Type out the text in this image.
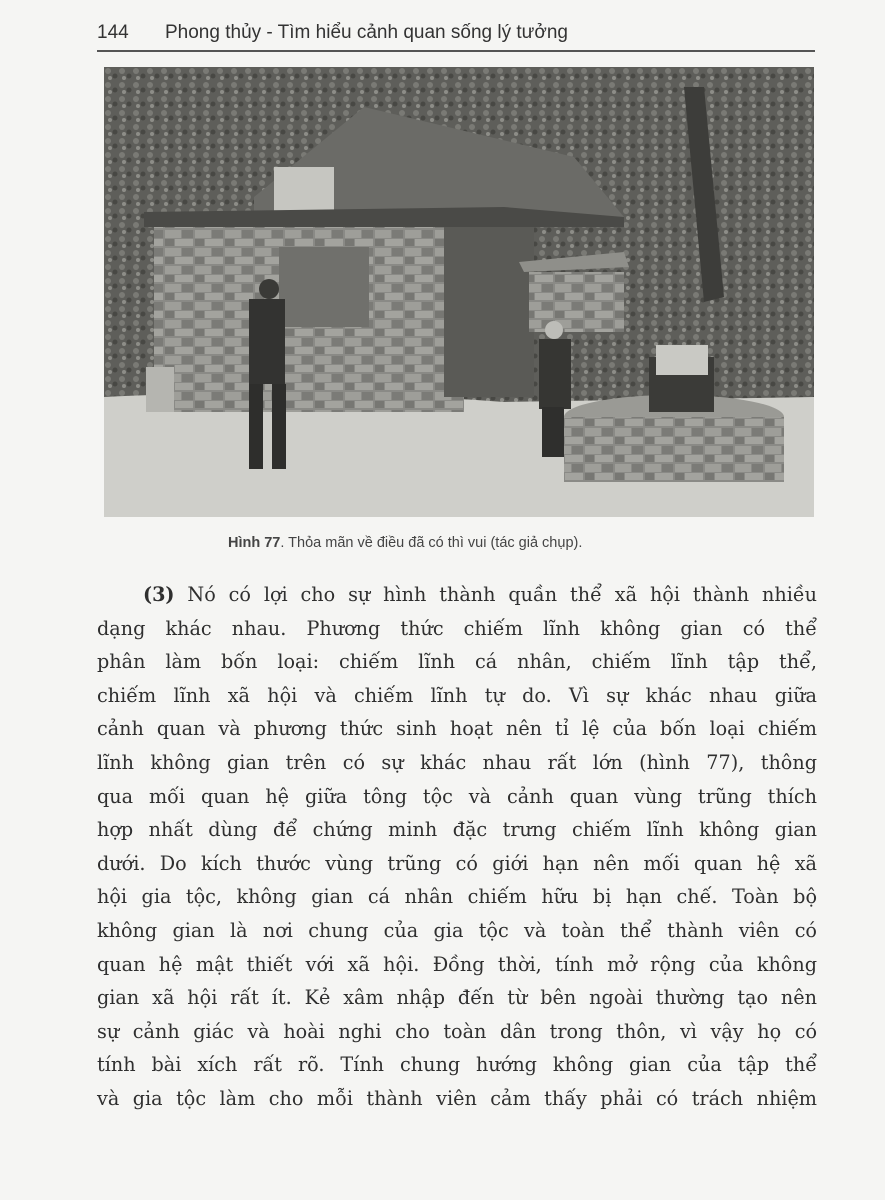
144 Phong thủy - Tìm hiểu cảnh quan sống lý tưởng
Hình 77. Thỏa mãn về điều đã có thì vui (tác giả chụp).
(3) Nó có lợi cho sự hình thành quần thể xã hội thành nhiều
dạng khác nhau. Phương thức chiếm lĩnh không gian có thể
phân làm bốn loại: chiếm lĩnh cá nhân, chiếm lĩnh tập thể,
chiếm lĩnh xã hội và chiếm lĩnh tự do. Vì sự khác nhau giữa
cảnh quan và phương thức sinh hoạt nên tỉ lệ của bốn loại chiếm
lĩnh không gian trên có sự khác nhau rất lớn (hình 77), thông
qua mối quan hệ giữa tông tộc và cảnh quan vùng trũng thích
hợp nhất dùng để chứng minh đặc trưng chiếm lĩnh không gian
dưới. Do kích thước vùng trũng có giới hạn nên mối quan hệ xã
hội gia tộc, không gian cá nhân chiếm hữu bị hạn chế. Toàn bộ
không gian là nơi chung của gia tộc và toàn thể thành viên có
quan hệ mật thiết với xã hội. Đồng thời, tính mở rộng của không
gian xã hội rất ít. Kẻ xâm nhập đến từ bên ngoài thường tạo nên
sự cảnh giác và hoài nghi cho toàn dân trong thôn, vì vậy họ có
tính bài xích rất rõ. Tính chung hướng không gian của tập thể
và gia tộc làm cho mỗi thành viên cảm thấy phải có trách nhiệm
